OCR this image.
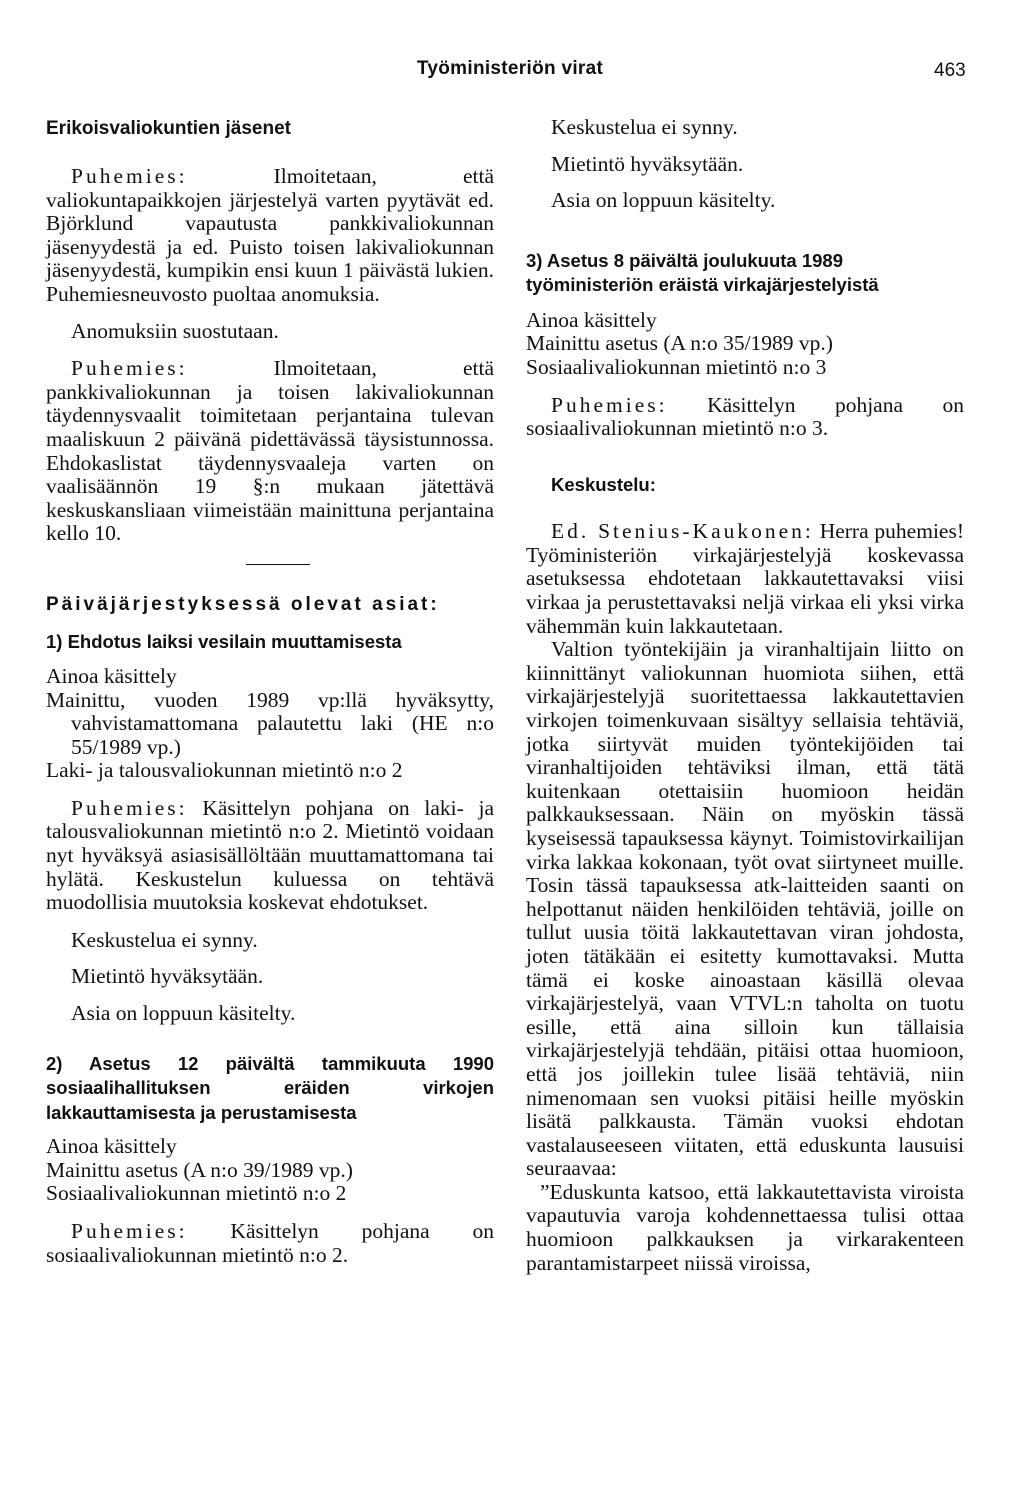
Työministeriön virat	463

Erikoisvaliokuntien jäsenet

Puhemies:	Ilmoitetaan, että valiokuntapaikkojen järjestelyä varten pyytävät ed. Björklund vapautusta pankkivaliokunnan jäsenyydestä ja ed. Puisto toisen lakivaliokunnan jäsenyydestä, kumpikin ensi kuun 1 päivästä lukien. Puhemiesneuvosto puoltaa anomuksia.

Anomuksiin suostutaan.

Puhemies:	Ilmoitetaan, että pankkivaliokunnan ja toisen lakivaliokunnan täydennysvaalit toimitetaan perjantaina tulevan maaliskuun 2 päivänä pidettävässä täysistunnossa. Ehdokaslistat täydennysvaaleja varten on vaalisäännön 19 §:n mukaan jätettävä keskuskansliaan viimeistään mainittuna perjantaina kello 10.

Päiväjärjestyksessä olevat asiat:

1) Ehdotus laiksi vesilain muuttamisesta

Ainoa käsittely

Mainittu, vuoden 1989 vp:llä hyväksytty, vahvistamattomana palautettu laki (HE n:o 55/1989 vp.)

Laki- ja talousvaliokunnan mietintö n:o 2

Puhemies: Käsittelyn pohjana on laki- ja talousvaliokunnan mietintö n:o 2. Mietintö voidaan nyt hyväksyä asiasisällöltään muuttamattomana tai hylätä. Keskustelun kuluessa on tehtävä muodollisia muutoksia koskevat ehdotukset.

Keskustelua ei synny.

Mietintö hyväksytään.

Asia on loppuun käsitelty.

2) Asetus 12 päivältä tammikuuta 1990 sosiaalihallituksen eräiden virkojen lakkauttamisesta ja perustamisesta

Ainoa käsittely

Mainittu asetus (A n:o 39/1989 vp.)

Sosiaalivaliokunnan mietintö n:o 2

Puhemies: Käsittelyn pohjana on sosiaalivaliokunnan mietintö n:o 2.

Keskustelua ei synny.

Mietintö hyväksytään.

Asia on loppuun käsitelty.

3) Asetus 8 päivältä joulukuuta 1989 työministeriön eräistä virkajärjestelyistä

Ainoa käsittely

Mainittu asetus (A n:o 35/1989 vp.)

Sosiaalivaliokunnan mietintö n:o 3

Puhemies: Käsittelyn pohjana on sosiaalivaliokunnan mietintö n:o 3.

Keskustelu:

Ed. Stenius-Kaukonen: Herra puhemies! Työministeriön virkajärjestelyjä koskevassa asetuksessa ehdotetaan lakkautettavaksi viisi virkaa ja perustettavaksi neljä virkaa eli yksi virka vähemmän kuin lakkautetaan.

Valtion työntekijäin ja viranhaltijain liitto on kiinnittänyt valiokunnan huomiota siihen, että virkajärjestelyjä suoritettaessa lakkautettavien virkojen toimenkuvaan sisältyy sellaisia tehtäviä, jotka siirtyvät muiden työntekijöiden tai viranhaltijoiden tehtäviksi ilman, että tätä kuitenkaan otettaisiin huomioon heidän palkkauksessaan. Näin on myöskin tässä kyseisessä tapauksessa käynyt. Toimistovirkailijan virka lakkaa kokonaan, työt ovat siirtyneet muille. Tosin tässä tapauksessa atk-laitteiden saanti on helpottanut näiden henkilöiden tehtäviä, joille on tullut uusia töitä lakkautettavan viran johdosta, joten tätäkään ei esitetty kumottavaksi. Mutta tämä ei koske ainoastaan käsillä olevaa virkajärjestelyä, vaan VTVL:n taholta on tuotu esille, että aina silloin kun tällaisia virkajärjestelyjä tehdään, pitäisi ottaa huomioon, että jos joillekin tulee lisää tehtäviä, niin nimenomaan sen vuoksi pitäisi heille myöskin lisätä palkkausta. Tämän vuoksi ehdotan vastalauseeseen viitaten, että eduskunta lausuisi seuraavaa:

”Eduskunta katsoo, että lakkautettavista viroista vapautuvia varoja kohdennettaessa tulisi ottaa huomioon palkkauksen ja virkarakenteen parantamistarpeet niissä viroissa,
